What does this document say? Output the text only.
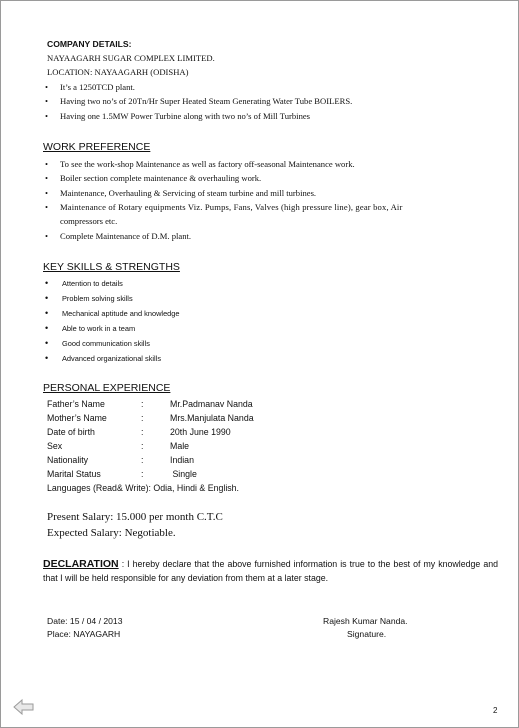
COMPANY DETAILS:
NAYAAGARH SUGAR COMPLEX LIMITED.
LOCATION: NAYAAGARH (ODISHA)
• It’s a 1250TCD plant.
• Having two no’s of 20Tn/Hr Super Heated Steam Generating Water Tube BOILERS.
• Having one 1.5MW Power Turbine along with two no’s of Mill Turbines
WORK PREFERENCE
• To see the work-shop Maintenance as well as factory off-seasonal Maintenance work.
• Boiler section complete maintenance & overhauling work.
• Maintenance, Overhauling & Servicing of steam turbine and mill turbines.
• Maintenance of Rotary equipments Viz. Pumps, Fans, Valves (high pressure line), gear box, Air
compressors etc.
• Complete Maintenance of D.M. plant.
KEY SKILLS & STRENGTHS
• Attention to details
• Problem solving skills
• Mechanical aptitude and knowledge
• Able to work in a team
• Good communication skills
• Advanced organizational skills
PERSONAL EXPERIENCE
Father’s Name	:	Mr.Padmanav Nanda
Mother’s Name	:	Mrs.Manjulata Nanda
Date of birth	:	20th June 1990
Sex	:	Male
Nationality	:	Indian
Marital Status	:	Single
Languages (Read& Write): Odia, Hindi & English.
Present Salary: 15.000 per month C.T.C
Expected Salary: Negotiable.
DECLARATION : I hereby declare that the above furnished information is true to the best of my knowledge and that I will be held responsible for any deviation from them at a later stage.
Date: 15 / 04 / 2013
Place: NAYAGARH
Rajesh Kumar Nanda.
Signature.
2
